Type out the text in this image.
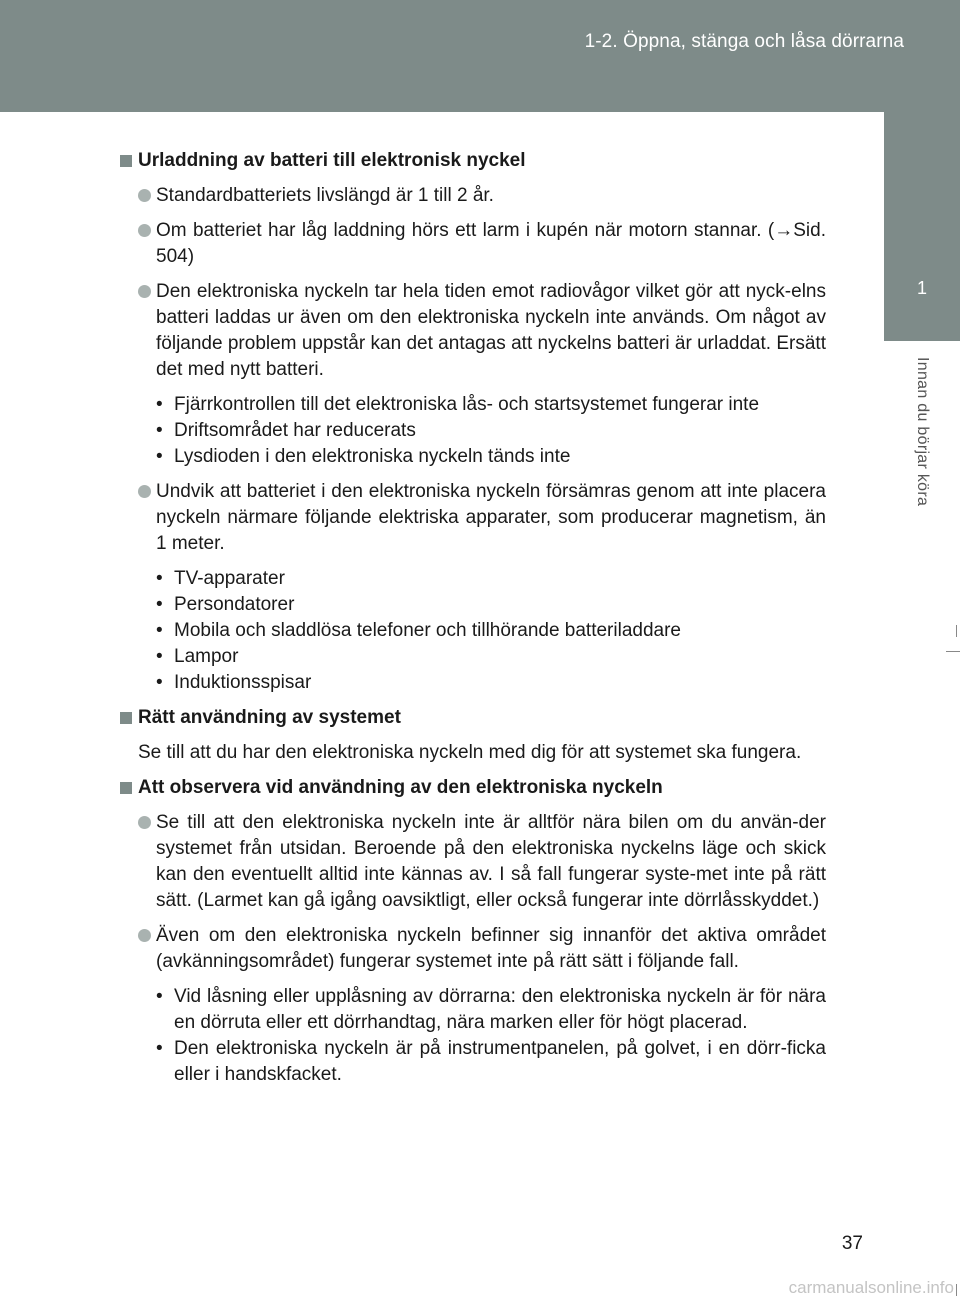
1-2. Öppna, stänga och låsa dörrarna
1
Innan du börjar köra
Urladdning av batteri till elektronisk nyckel
Standardbatteriets livslängd är 1 till 2 år.
Om batteriet har låg laddning hörs ett larm i kupén när motorn stannar. (→Sid. 504)
Den elektroniska nyckeln tar hela tiden emot radiovågor vilket gör att nyck-elns batteri laddas ur även om den elektroniska nyckeln inte används. Om något av följande problem uppstår kan det antagas att nyckelns batteri är urladdat. Ersätt det med nytt batteri.
• Fjärrkontrollen till det elektroniska lås- och startsystemet fungerar inte
• Driftsområdet har reducerats
• Lysdioden i den elektroniska nyckeln tänds inte
Undvik att batteriet i den elektroniska nyckeln försämras genom att inte placera nyckeln närmare följande elektriska apparater, som producerar magnetism, än 1 meter.
• TV-apparater
• Persondatorer
• Mobila och sladdlösa telefoner och tillhörande batteriladdare
• Lampor
• Induktionsspisar
Rätt användning av systemet
Se till att du har den elektroniska nyckeln med dig för att systemet ska fungera.
Att observera vid användning av den elektroniska nyckeln
Se till att den elektroniska nyckeln inte är alltför nära bilen om du använ-der systemet från utsidan. Beroende på den elektroniska nyckelns läge och skick kan den eventuellt alltid inte kännas av. I så fall fungerar syste-met inte på rätt sätt. (Larmet kan gå igång oavsiktligt, eller också fungerar inte dörrlåsskyddet.)
Även om den elektroniska nyckeln befinner sig innanför det aktiva området (avkänningsområdet) fungerar systemet inte på rätt sätt i följande fall.
• Vid låsning eller upplåsning av dörrarna: den elektroniska nyckeln är för nära en dörruta eller ett dörrhandtag, nära marken eller för högt placerad.
• Den elektroniska nyckeln är på instrumentpanelen, på golvet, i en dörr-ficka eller i handskfacket.
37
carmanualsonline.info
